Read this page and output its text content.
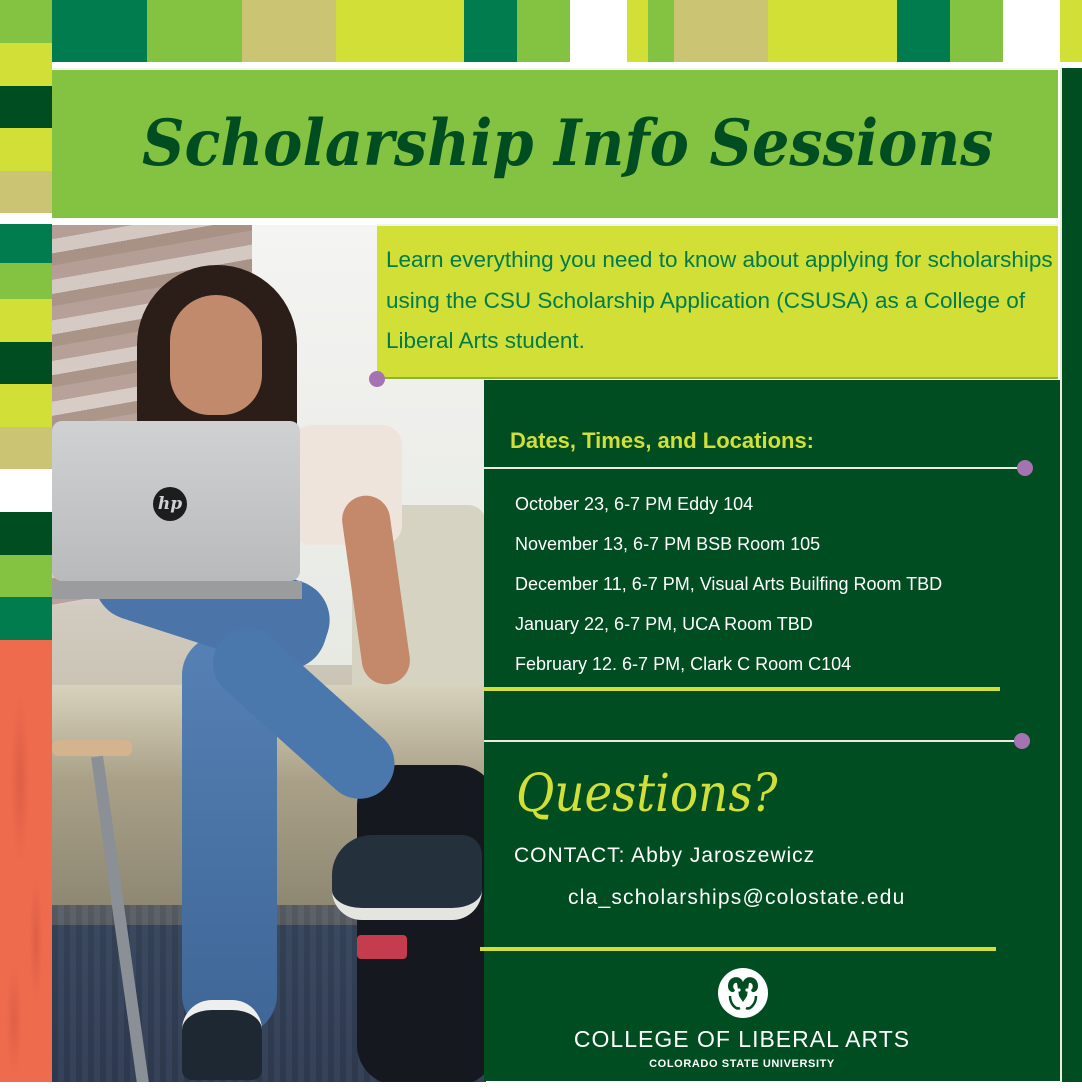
Scholarship Info Sessions
hp

Learn everything you need to know about applying for scholarships using the CSU Scholarship Application (CSUSA) as a College of Liberal Arts student.

Dates, Times, and Locations:
October 23, 6-7 PM Eddy 104
November 13, 6-7 PM BSB Room 105
December 11, 6-7 PM, Visual Arts Builfing Room TBD
January 22, 6-7 PM, UCA Room TBD
February 12. 6-7 PM, Clark C Room C104
Questions?
CONTACT: Abby Jaroszewicz
cla_scholarships@colostate.edu
COLLEGE OF LIBERAL ARTS
COLORADO STATE UNIVERSITY
